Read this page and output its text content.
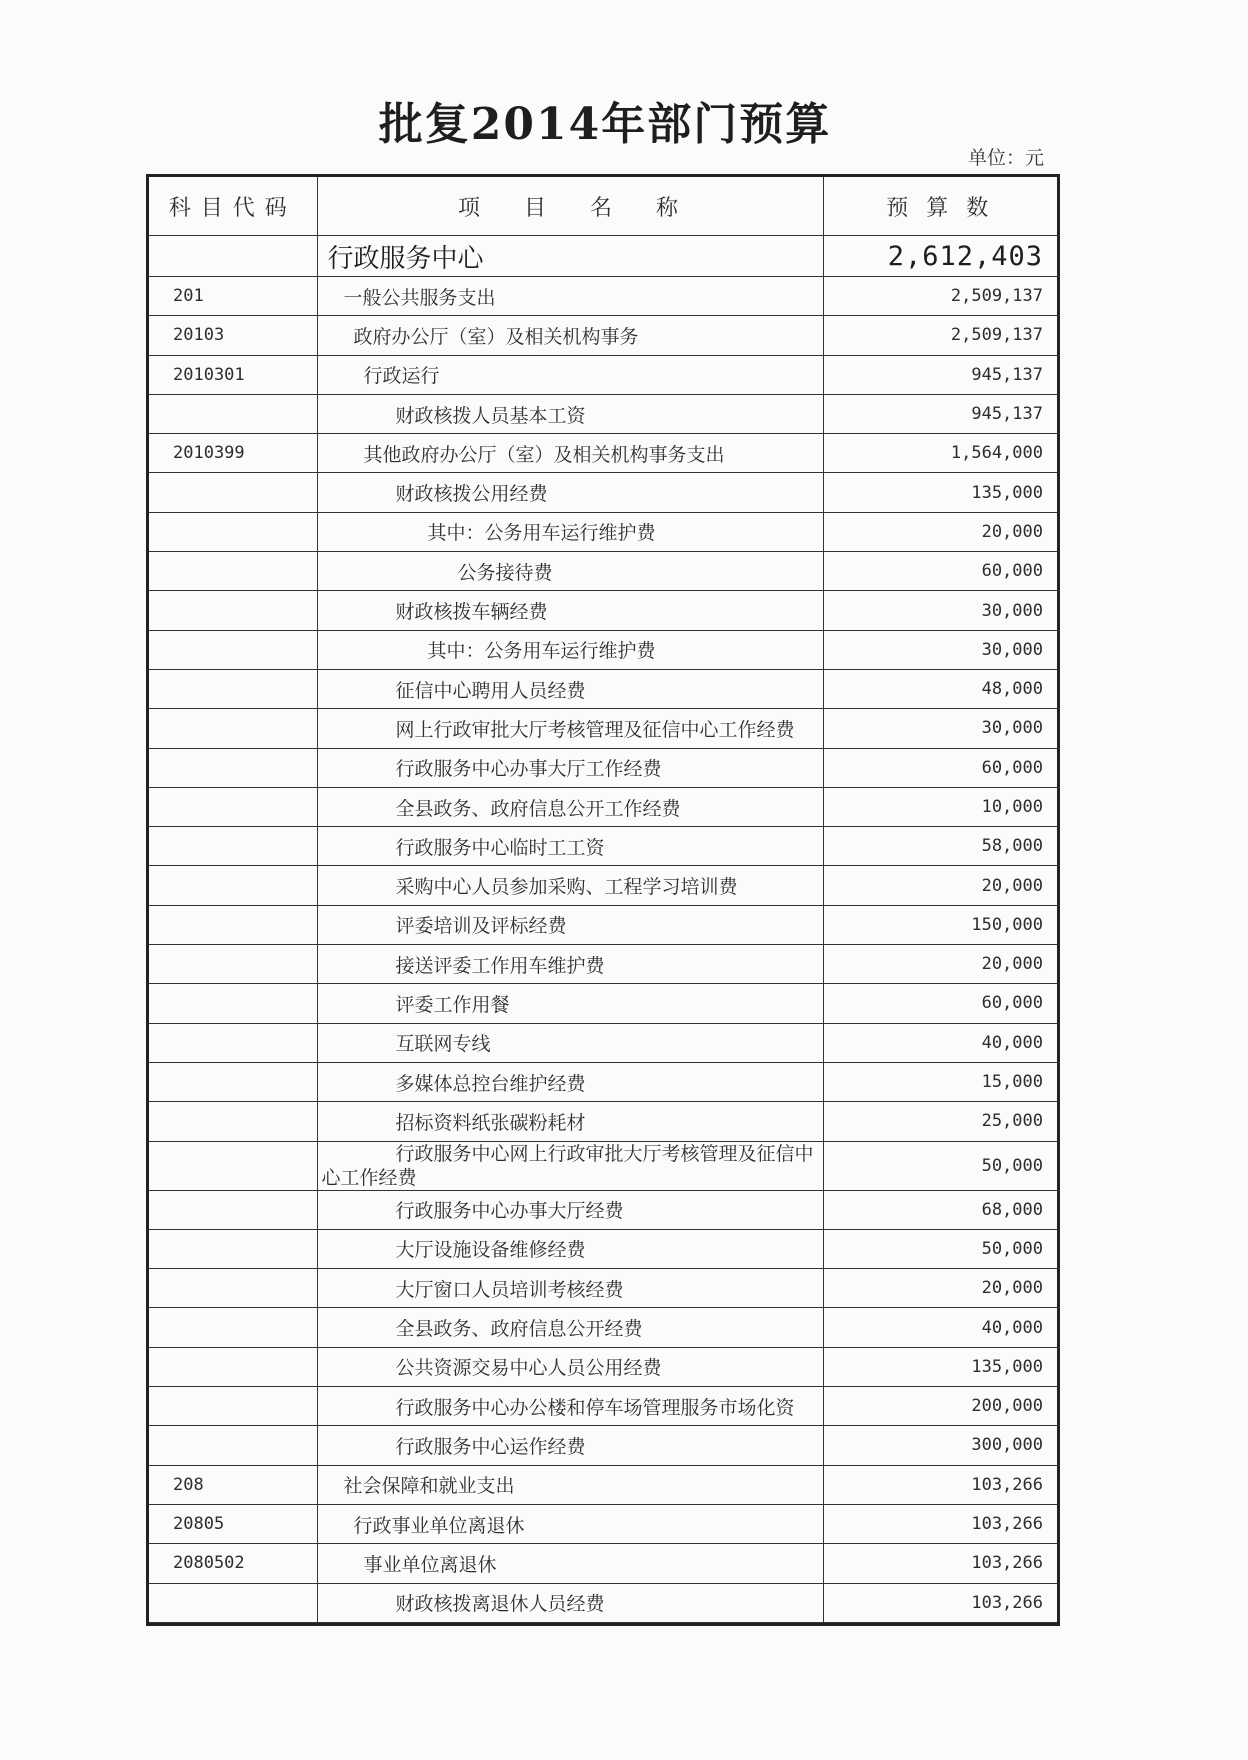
批复2014年部门预算
单位：元
科目代码	项目名称	预算数
	行政服务中心	2,612,403
201	一般公共服务支出	2,509,137
20103	政府办公厅（室）及相关机构事务	2,509,137
2010301	行政运行	945,137
	财政核拨人员基本工资	945,137
2010399	其他政府办公厅（室）及相关机构事务支出	1,564,000
	财政核拨公用经费	135,000
	其中：公务用车运行维护费	20,000
	公务接待费	60,000
	财政核拨车辆经费	30,000
	其中：公务用车运行维护费	30,000
	征信中心聘用人员经费	48,000
	网上行政审批大厅考核管理及征信中心工作经费	30,000
	行政服务中心办事大厅工作经费	60,000
	全县政务、政府信息公开工作经费	10,000
	行政服务中心临时工工资	58,000
	采购中心人员参加采购、工程学习培训费	20,000
	评委培训及评标经费	150,000
	接送评委工作用车维护费	20,000
	评委工作用餐	60,000
	互联网专线	40,000
	多媒体总控台维护经费	15,000
	招标资料纸张碳粉耗材	25,000
	行政服务中心网上行政审批大厅考核管理及征信中心工作经费	50,000
	行政服务中心办事大厅经费	68,000
	大厅设施设备维修经费	50,000
	大厅窗口人员培训考核经费	20,000
	全县政务、政府信息公开经费	40,000
	公共资源交易中心人员公用经费	135,000
	行政服务中心办公楼和停车场管理服务市场化资	200,000
	行政服务中心运作经费	300,000
208	社会保障和就业支出	103,266
20805	行政事业单位离退休	103,266
2080502	事业单位离退休	103,266
	财政核拨离退休人员经费	103,266
